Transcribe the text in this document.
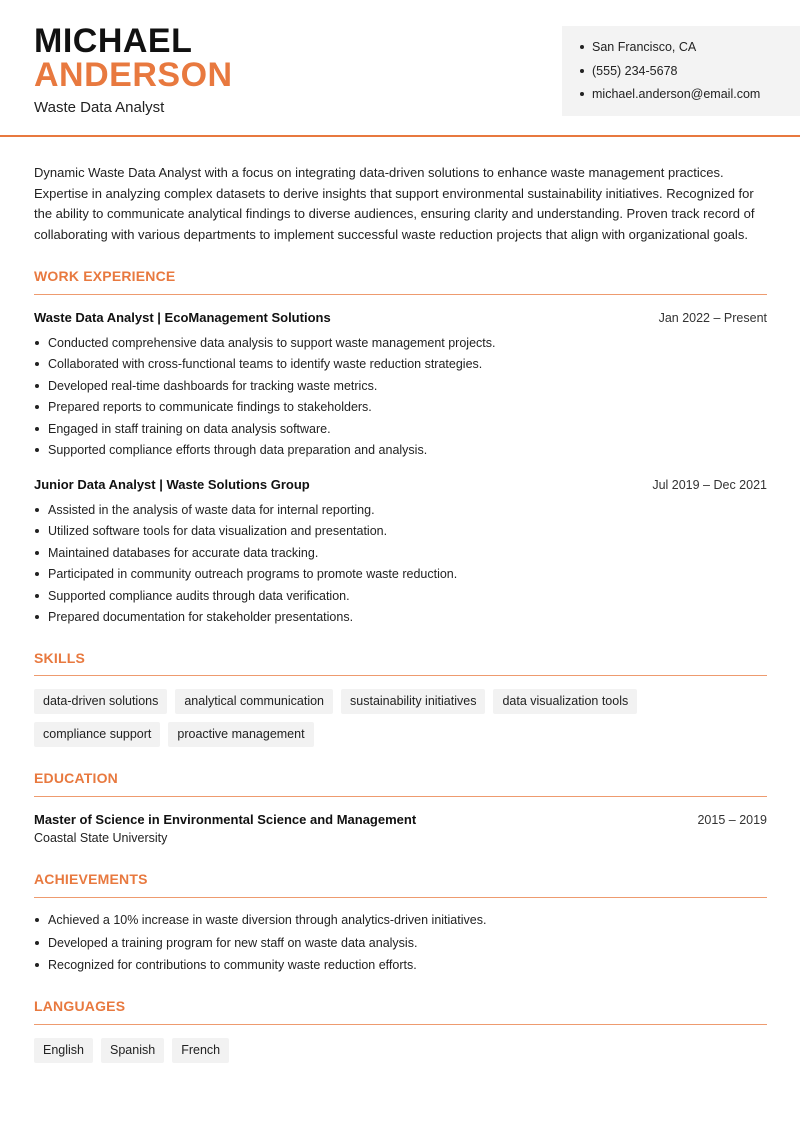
MICHAEL
ANDERSON
Waste Data Analyst
San Francisco, CA
(555) 234-5678
michael.anderson@email.com
Dynamic Waste Data Analyst with a focus on integrating data-driven solutions to enhance waste management practices. Expertise in analyzing complex datasets to derive insights that support environmental sustainability initiatives. Recognized for the ability to communicate analytical findings to diverse audiences, ensuring clarity and understanding. Proven track record of collaborating with various departments to implement successful waste reduction projects that align with organizational goals.
WORK EXPERIENCE
Waste Data Analyst | EcoManagement Solutions	Jan 2022 – Present
Conducted comprehensive data analysis to support waste management projects.
Collaborated with cross-functional teams to identify waste reduction strategies.
Developed real-time dashboards for tracking waste metrics.
Prepared reports to communicate findings to stakeholders.
Engaged in staff training on data analysis software.
Supported compliance efforts through data preparation and analysis.
Junior Data Analyst | Waste Solutions Group	Jul 2019 – Dec 2021
Assisted in the analysis of waste data for internal reporting.
Utilized software tools for data visualization and presentation.
Maintained databases for accurate data tracking.
Participated in community outreach programs to promote waste reduction.
Supported compliance audits through data verification.
Prepared documentation for stakeholder presentations.
SKILLS
data-driven solutions	analytical communication	sustainability initiatives	data visualization tools
compliance support	proactive management
EDUCATION
Master of Science in Environmental Science and Management	2015 – 2019
Coastal State University
ACHIEVEMENTS
Achieved a 10% increase in waste diversion through analytics-driven initiatives.
Developed a training program for new staff on waste data analysis.
Recognized for contributions to community waste reduction efforts.
LANGUAGES
English	Spanish	French
